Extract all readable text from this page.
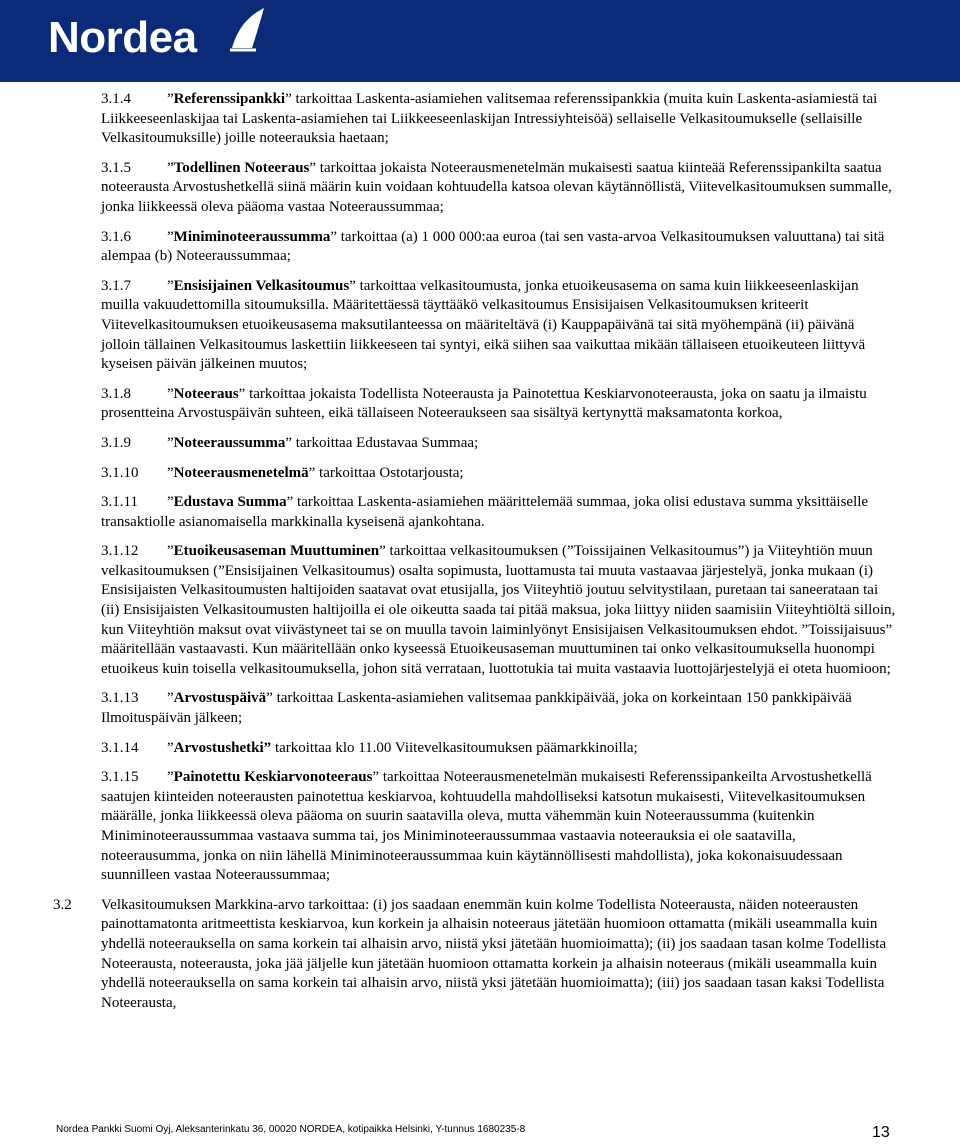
Nordea
3.1.4 ”Referenssipankki” tarkoittaa Laskenta-asiamiehen valitsemaa referenssipankkia (muita kuin Laskenta-asiamiestä tai Liikkeeseenlaskijaa tai Laskenta-asiamiehen tai Liikkeeseenlaskijan Intressiyhteisöä) sellaiselle Velkasitoumukselle (sellaisille Velkasitoumuksille) joille noteerauksia haetaan;
3.1.5 ”Todellinen Noteeraus” tarkoittaa jokaista Noteerausmenetelmän mukaisesti saatua kiinteää Referenssipankilta saatua noteerausta Arvostushetkellä siinä määrin kuin voidaan kohtuudella katsoa olevan käytännöllistä, Viitevelkasitoumuksen summalle, jonka liikkeessä oleva pääoma vastaa Noteeraussummaa;
3.1.6 ”Miniminoteeraussumma” tarkoittaa (a) 1 000 000:aa euroa (tai sen vasta-arvoa Velkasitoumuksen valuuttana) tai sitä alempaa (b) Noteeraussummaa;
3.1.7 ”Ensisijainen Velkasitoumus” tarkoittaa velkasitoumusta, jonka etuoikeusasema on sama kuin liikkeeseenlaskijan muilla vakuudettomilla sitoumuksilla. Määritettäessä täyttääkö velkasitoumus Ensisijaisen Velkasitoumuksen kriteerit Viitevelkasitoumuksen etuoikeusasema maksutilanteessa on määriteltävä (i) Kauppapäivänä tai sitä myöhempänä (ii) päivänä jolloin tällainen Velkasitoumus laskettiin liikkeeseen tai syntyi, eikä siihen saa vaikuttaa mikään tällaiseen etuoikeuteen liittyvä kyseisen päivän jälkeinen muutos;
3.1.8 ”Noteeraus” tarkoittaa jokaista Todellista Noteerausta ja Painotettua Keskiarvonoteerausta, joka on saatu ja ilmaistu prosentteina Arvostuspäivän suhteen, eikä tällaiseen Noteeraukseen saa sisältyä kertynyttä maksamatonta korkoa,
3.1.9 ”Noteeraussumma” tarkoittaa Edustavaa Summaa;
3.1.10 ”Noteerausmenetelmä” tarkoittaa Ostotarjousta;
3.1.11 ”Edustava Summa” tarkoittaa Laskenta-asiamiehen määrittelemää summaa, joka olisi edustava summa yksittäiselle transaktiolle asianomaisella markkinalla kyseisenä ajankohtana.
3.1.12 ”Etuoikeusaseman Muuttuminen” tarkoittaa velkasitoumuksen (”Toissijainen Velkasitoumus”) ja Viiteyhtiön muun velkasitoumuksen (”Ensisijainen Velkasitoumus) osalta sopimusta, luottamusta tai muuta vastaavaa järjestelyä, jonka mukaan (i) Ensisijaisten Velkasitoumusten haltijoiden saatavat ovat etusijalla, jos Viiteyhtiö joutuu selvitystilaan, puretaan tai saneerataan tai (ii) Ensisijaisten Velkasitoumusten haltijoilla ei ole oikeutta saada tai pitää maksua, joka liittyy niiden saamisiin Viiteyhtiöltä silloin, kun Viiteyhtiön maksut ovat viivästyneet tai se on muulla tavoin laiminlyönyt Ensisijaisen Velkasitoumuksen ehdot. ”Toissijaisuus” määritellään vastaavasti. Kun määritellään onko kyseessä Etuoikeusaseman muuttuminen tai onko velkasitoumuksella huonompi etuoikeus kuin toisella velkasitoumuksella, johon sitä verrataan, luottotukia tai muita vastaavia luottojärjestelyjä ei oteta huomioon;
3.1.13 ”Arvostuspäivä” tarkoittaa Laskenta-asiamiehen valitsemaa pankkipäivää, joka on korkeintaan 150 pankkipäivää Ilmoituspäivän jälkeen;
3.1.14 ”Arvostushetki” tarkoittaa klo 11.00 Viitevelkasitoumuksen päämarkkinoilla;
3.1.15 ”Painotettu Keskiarvonoteeraus” tarkoittaa Noteerausmenetelmän mukaisesti Referenssipankeilta Arvostushetkellä saatujen kiinteiden noteerausten painotettua keskiarvoa, kohtuudella mahdolliseksi katsotun mukaisesti, Viitevelkasitoumuksen määrälle, jonka liikkeessä oleva pääoma on suurin saatavilla oleva, mutta vähemmän kuin Noteeraussumma (kuitenkin Miniminoteeraussummaa vastaava summa tai, jos Miniminoteeraussummaa vastaavia noteerauksia ei ole saatavilla, noteerausumma, jonka on niin lähellä Miniminoteeraussummaa kuin käytännöllisesti mahdollista), joka kokonaisuudessaan suunnilleen vastaa Noteeraussummaa;
3.2 Velkasitoumuksen Markkina-arvo tarkoittaa: (i) jos saadaan enemmän kuin kolme Todellista Noteerausta, näiden noteerausten painottamatonta aritmeettista keskiarvoa, kun korkein ja alhaisin noteeraus jätetään huomioon ottamatta (mikäli useammalla kuin yhdellä noteerauksella on sama korkein tai alhaisin arvo, niistä yksi jätetään huomioimatta); (ii) jos saadaan tasan kolme Todellista Noteerausta, noteerausta, joka jää jäljelle kun jätetään huomioon ottamatta korkein ja alhaisin noteeraus (mikäli useammalla kuin yhdellä noteerauksella on sama korkein tai alhaisin arvo, niistä yksi jätetään huomioimatta); (iii) jos saadaan tasan kaksi Todellista Noteerausta,
Nordea Pankki Suomi Oyj, Aleksanterinkatu 36, 00020 NORDEA, kotipaikka Helsinki, Y-tunnus 1680235-8	13
